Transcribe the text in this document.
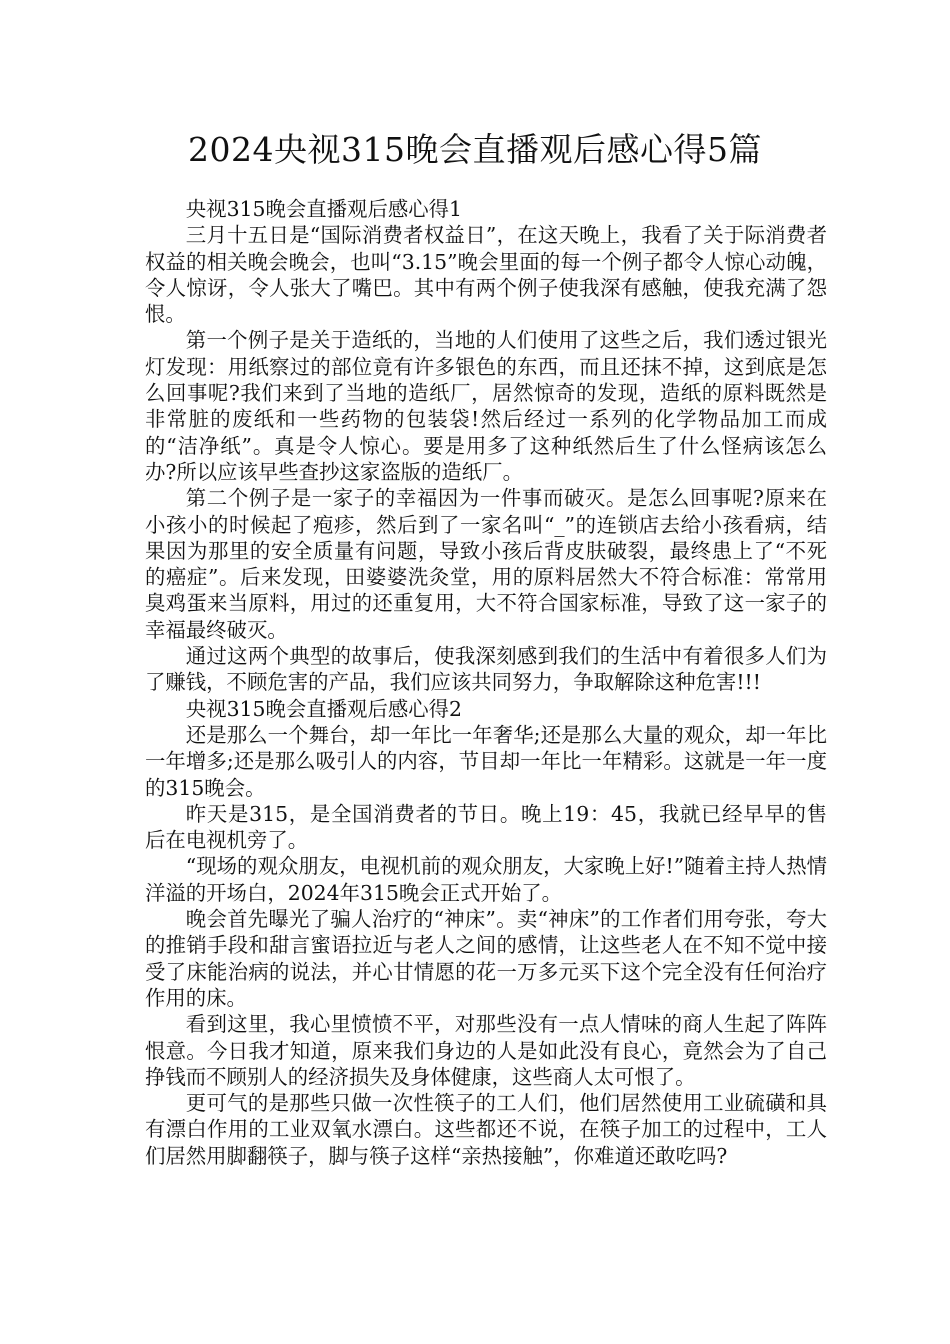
2024央视315晚会直播观后感心得5篇

央视315晚会直播观后感心得1

三月十五日是“国际消费者权益日”，在这天晚上，我看了关于际消费者权益的相关晚会晚会，也叫“3.15”晚会里面的每一个例子都令人惊心动魄，令人惊讶，令人张大了嘴巴。其中有两个例子使我深有感触，使我充满了怨恨。

第一个例子是关于造纸的，当地的人们使用了这些之后，我们透过银光灯发现：用纸察过的部位竟有许多银色的东西，而且还抹不掉，这到底是怎么回事呢?我们来到了当地的造纸厂，居然惊奇的发现，造纸的原料既然是非常脏的废纸和一些药物的包装袋!然后经过一系列的化学物品加工而成的“洁净纸”。真是令人惊心。要是用多了这种纸然后生了什么怪病该怎么办?所以应该早些查抄这家盗版的造纸厂。

第二个例子是一家子的幸福因为一件事而破灭。是怎么回事呢?原来在小孩小的时候起了疱疹，然后到了一家名叫“_”的连锁店去给小孩看病，结果因为那里的安全质量有问题，导致小孩后背皮肤破裂，最终患上了“不死的癌症”。后来发现，田婆婆洗灸堂，用的原料居然大不符合标准：常常用臭鸡蛋来当原料，用过的还重复用，大不符合国家标准，导致了这一家子的幸福最终破灭。

通过这两个典型的故事后，使我深刻感到我们的生活中有着很多人们为了赚钱，不顾危害的产品，我们应该共同努力，争取解除这种危害!!!

央视315晚会直播观后感心得2

还是那么一个舞台，却一年比一年奢华;还是那么大量的观众，却一年比一年增多;还是那么吸引人的内容，节目却一年比一年精彩。这就是一年一度的315晚会。

昨天是315，是全国消费者的节日。晚上19：45，我就已经早早的售后在电视机旁了。

“现场的观众朋友，电视机前的观众朋友，大家晚上好!”随着主持人热情洋溢的开场白，2024年315晚会正式开始了。

晚会首先曝光了骗人治疗的“神床”。卖“神床”的工作者们用夸张，夸大的推销手段和甜言蜜语拉近与老人之间的感情，让这些老人在不知不觉中接受了床能治病的说法，并心甘情愿的花一万多元买下这个完全没有任何治疗作用的床。

看到这里，我心里愤愤不平，对那些没有一点人情味的商人生起了阵阵恨意。今日我才知道，原来我们身边的人是如此没有良心，竟然会为了自己挣钱而不顾别人的经济损失及身体健康，这些商人太可恨了。

更可气的是那些只做一次性筷子的工人们，他们居然使用工业硫磺和具有漂白作用的工业双氧水漂白。这些都还不说，在筷子加工的过程中，工人们居然用脚翻筷子，脚与筷子这样“亲热接触”，你难道还敢吃吗?
